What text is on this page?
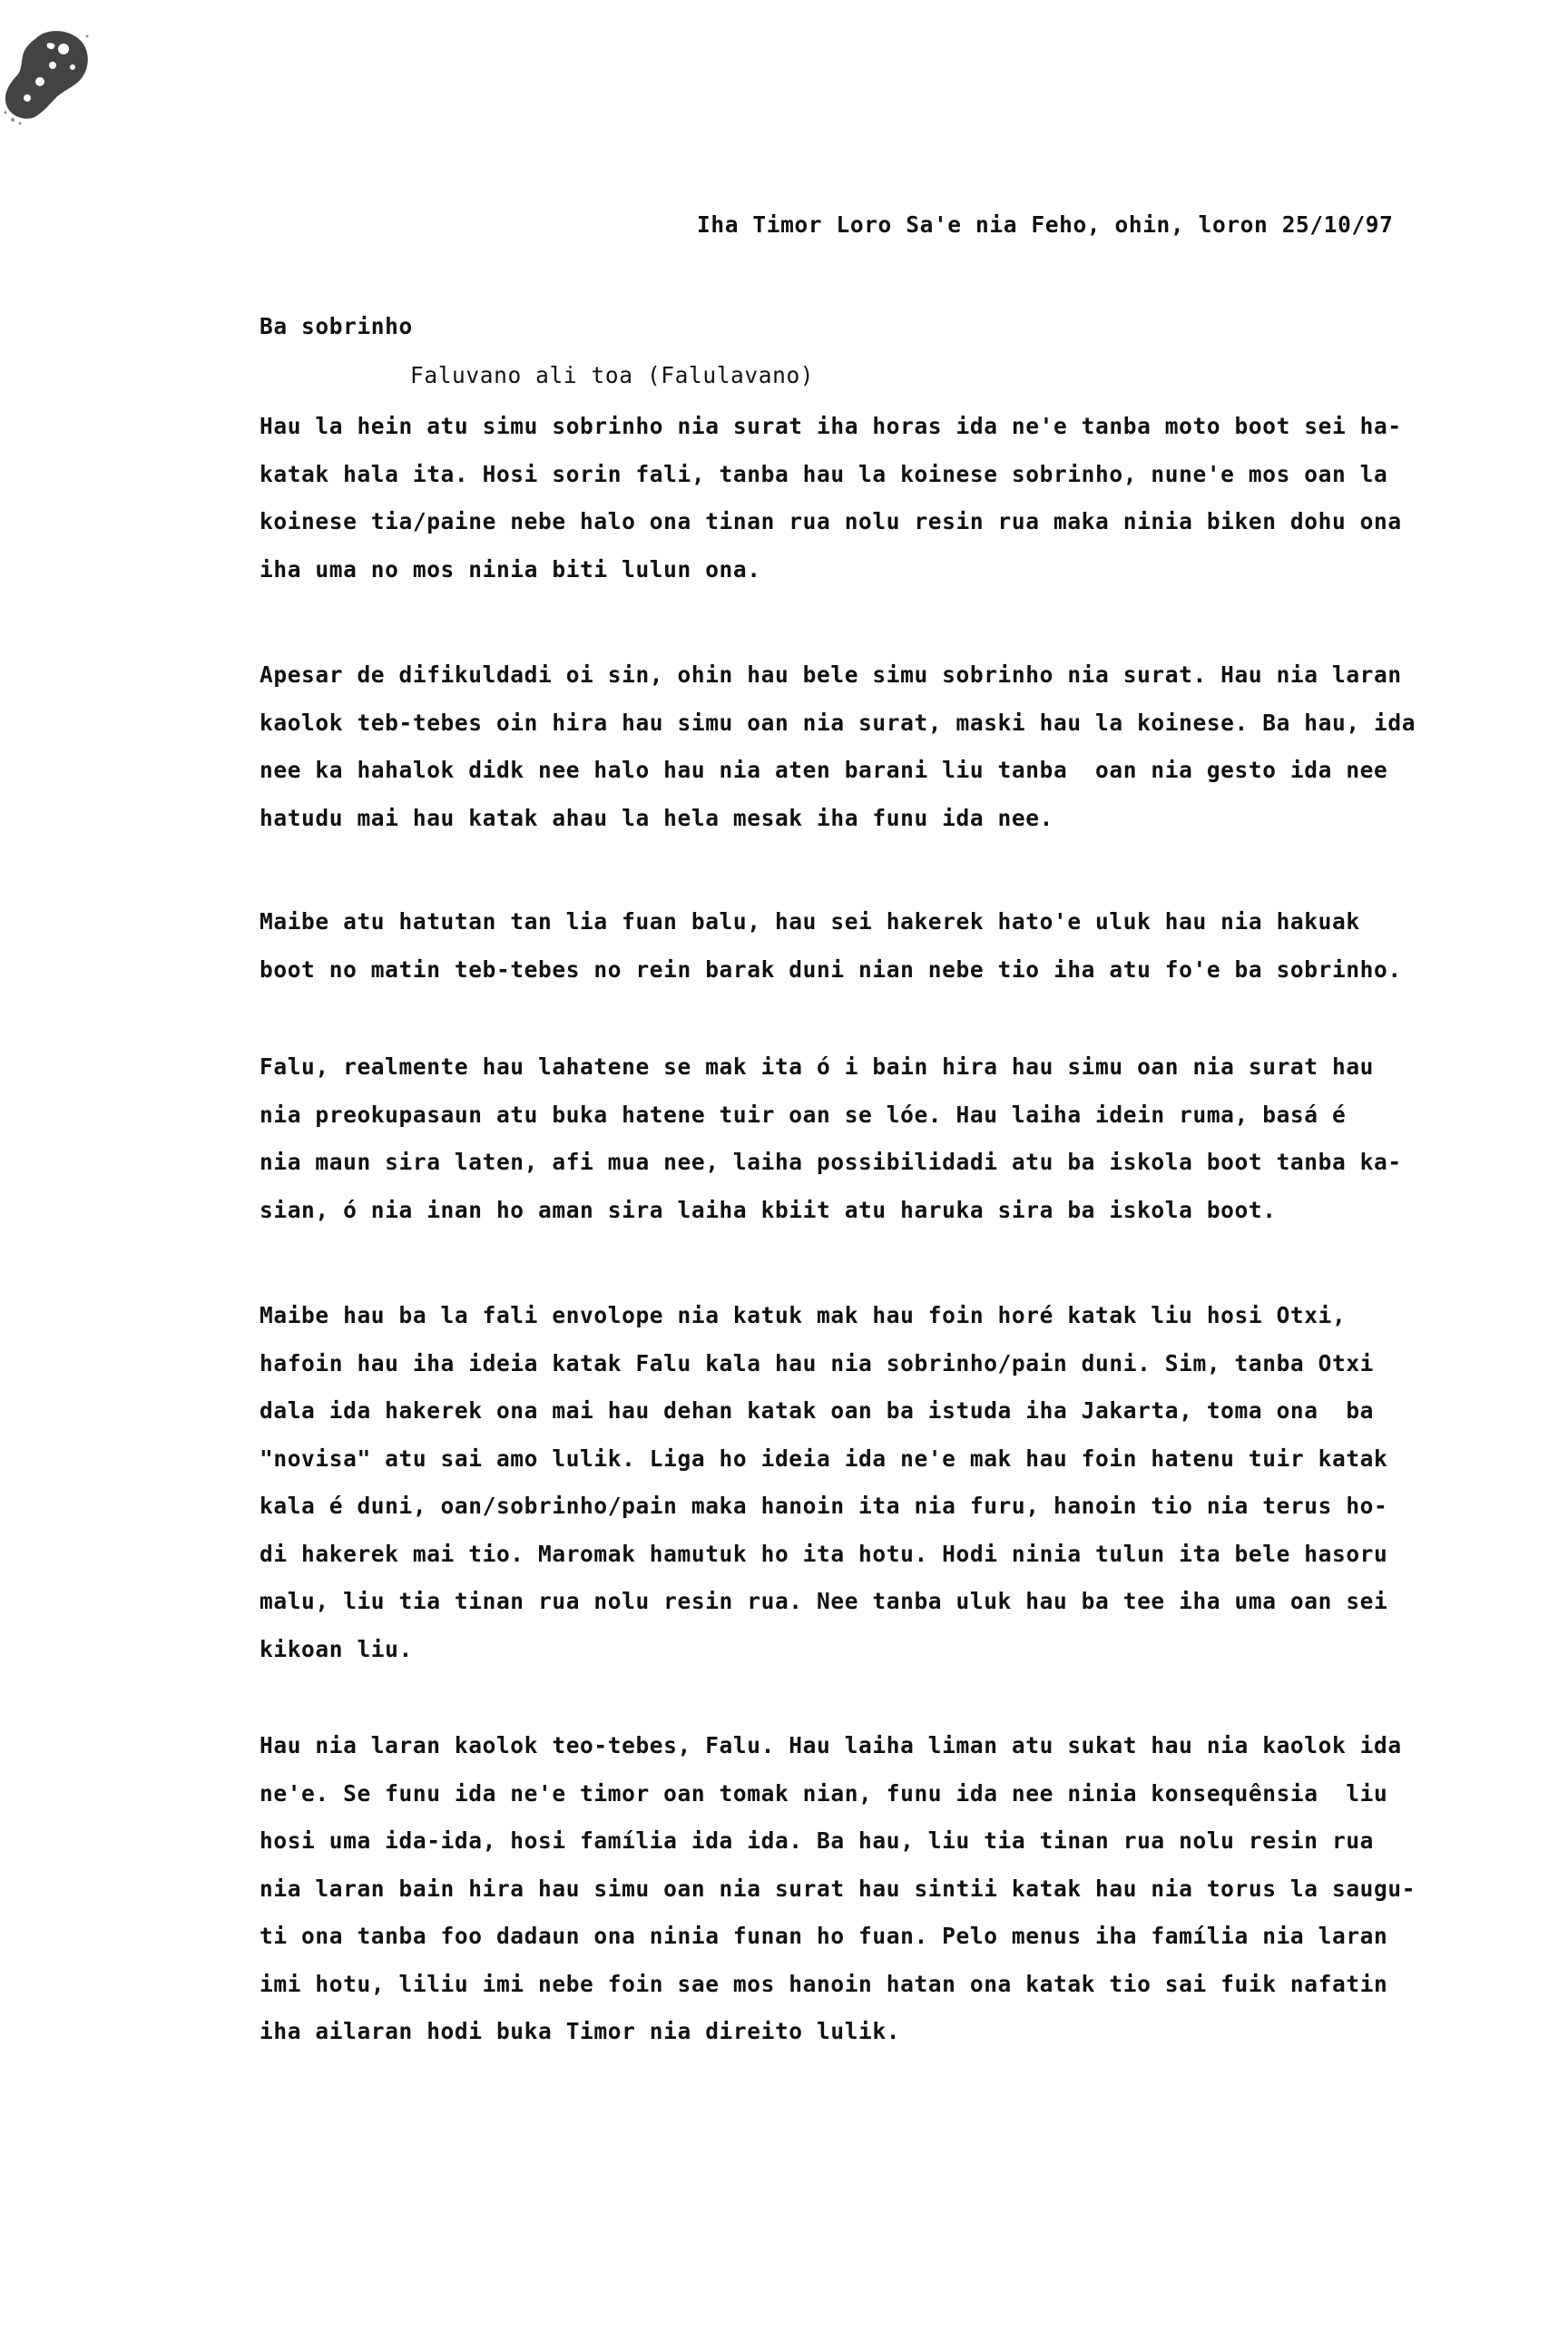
Iha Timor Loro Sa'e nia Feho, ohin, loron 25/10/97
Ba sobrinho
Faluvano ali toa (Falulavano)
Hau la hein atu simu sobrinho nia surat iha horas ida ne'e tanba moto boot sei ha-
katak hala ita. Hosi sorin fali, tanba hau la koinese sobrinho, nune'e mos oan la
koinese tia/paine nebe halo ona tinan rua nolu resin rua maka ninia biken dohu ona
iha uma no mos ninia biti lulun ona.
Apesar de difikuldadi oi sin, ohin hau bele simu sobrinho nia surat. Hau nia laran
kaolok teb-tebes oin hira hau simu oan nia surat, maski hau la koinese. Ba hau, ida
nee ka hahalok didk nee halo hau nia aten barani liu tanba  oan nia gesto ida nee
hatudu mai hau katak ahau la hela mesak iha funu ida nee.
Maibe atu hatutan tan lia fuan balu, hau sei hakerek hato'e uluk hau nia hakuak
boot no matin teb-tebes no rein barak duni nian nebe tio iha atu fo'e ba sobrinho.
Falu, realmente hau lahatene se mak ita ó i bain hira hau simu oan nia surat hau
nia preokupasaun atu buka hatene tuir oan se lóe. Hau laiha idein ruma, basá é
nia maun sira laten, afi mua nee, laiha possibilidadi atu ba iskola boot tanba ka-
sian, ó nia inan ho aman sira laiha kbiit atu haruka sira ba iskola boot.
Maibe hau ba la fali envolope nia katuk mak hau foin horé katak liu hosi Otxi,
hafoin hau iha ideia katak Falu kala hau nia sobrinho/pain duni. Sim, tanba Otxi
dala ida hakerek ona mai hau dehan katak oan ba istuda iha Jakarta, toma ona  ba
"novisa" atu sai amo lulik. Liga ho ideia ida ne'e mak hau foin hatenu tuir katak
kala é duni, oan/sobrinho/pain maka hanoin ita nia furu, hanoin tio nia terus ho-
di hakerek mai tio. Maromak hamutuk ho ita hotu. Hodi ninia tulun ita bele hasoru
malu, liu tia tinan rua nolu resin rua. Nee tanba uluk hau ba tee iha uma oan sei
kikoan liu.
Hau nia laran kaolok teo-tebes, Falu. Hau laiha liman atu sukat hau nia kaolok ida
ne'e. Se funu ida ne'e timor oan tomak nian, funu ida nee ninia konsequênsia  liu
hosi uma ida-ida, hosi família ida ida. Ba hau, liu tia tinan rua nolu resin rua
nia laran bain hira hau simu oan nia surat hau sintii katak hau nia torus la saugu-
ti ona tanba foo dadaun ona ninia funan ho fuan. Pelo menus iha família nia laran
imi hotu, liliu imi nebe foin sae mos hanoin hatan ona katak tio sai fuik nafatin
iha ailaran hodi buka Timor nia direito lulik.
